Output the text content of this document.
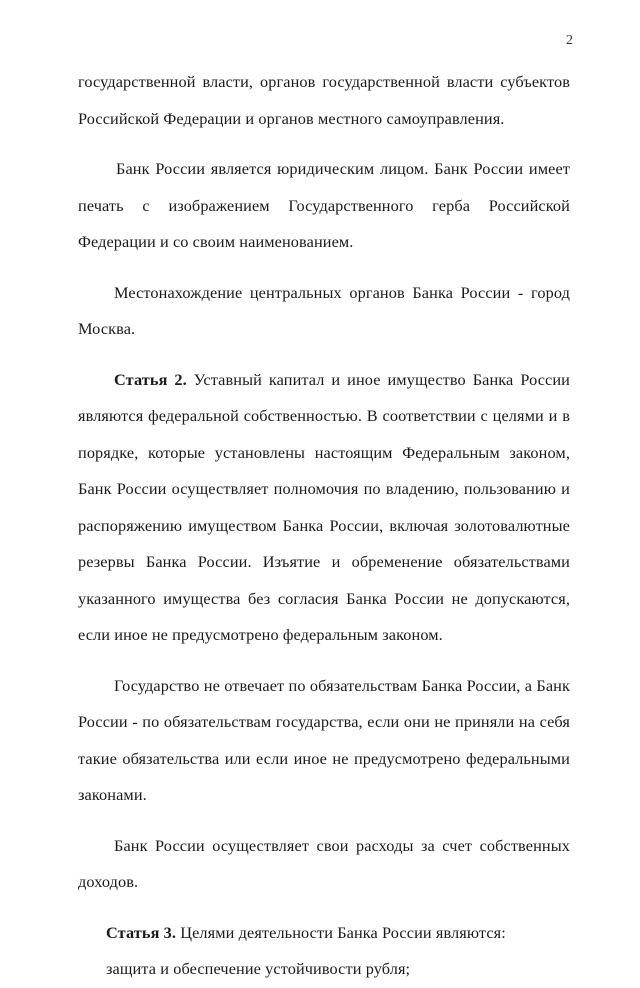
2

государственной власти, органов государственной власти субъектов Российской Федерации и органов местного самоуправления.

Банк России является юридическим лицом. Банк России имеет печать с изображением Государственного герба Российской Федерации и со своим наименованием.

Местонахождение центральных органов Банка России - город Москва.

Статья 2. Уставный капитал и иное имущество Банка России являются федеральной собственностью. В соответствии с целями и в порядке, которые установлены настоящим Федеральным законом, Банк России осуществляет полномочия по владению, пользованию и распоряжению имуществом Банка России, включая золотовалютные резервы Банка России. Изъятие и обременение обязательствами указанного имущества без согласия Банка России не допускаются, если иное не предусмотрено федеральным законом.

Государство не отвечает по обязательствам Банка России, а Банк России - по обязательствам государства, если они не приняли на себя такие обязательства или если иное не предусмотрено федеральными законами.

Банк России осуществляет свои расходы за счет собственных доходов.

Статья 3. Целями деятельности Банка России являются:

защита и обеспечение устойчивости рубля;
